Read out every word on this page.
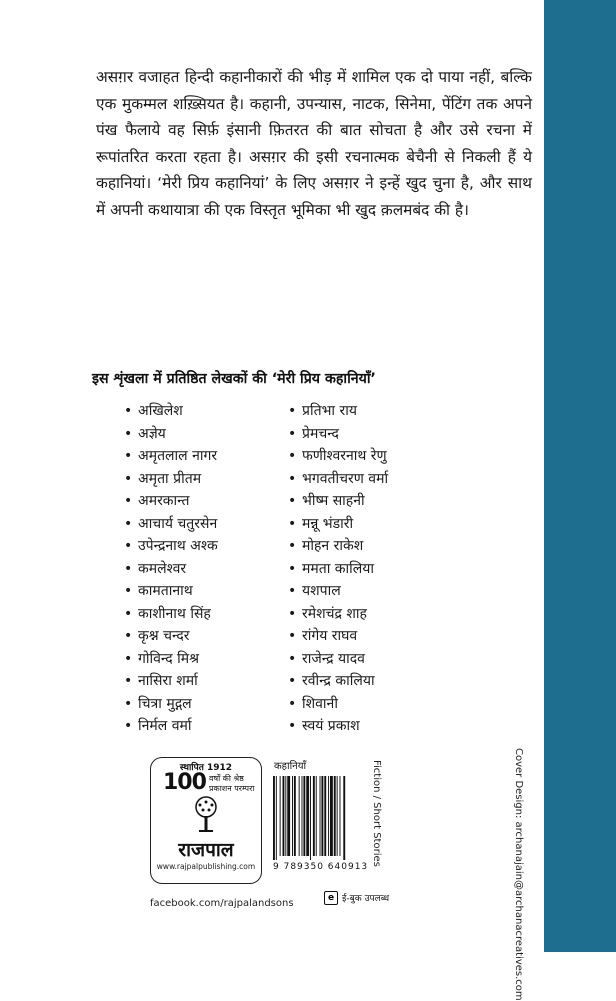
असग़र वजाहत हिन्दी कहानीकारों की भीड़ में शामिल एक दो पाया नहीं, बल्कि एक मुकम्मल शख़्सियत है। कहानी, उपन्यास, नाटक, सिनेमा, पेंटिंग तक अपने पंख फैलाये वह सिर्फ़ इंसानी फ़ितरत की बात सोचता है और उसे रचना में रूपांतरित करता रहता है। असग़र की इसी रचनात्मक बेचैनी से निकली हैं ये कहानियां। ‘मेरी प्रिय कहानियां’ के लिए असग़र ने इन्हें खुद चुना है, और साथ में अपनी कथायात्रा की एक विस्तृत भूमिका भी खुद क़लमबंद की है।

इस शृंखला में प्रतिष्ठित लेखकों की ‘मेरी प्रिय कहानियाँ’

• अखिलेश
• अज्ञेय
• अमृतलाल नागर
• अमृता प्रीतम
• अमरकान्त
• आचार्य चतुरसेन
• उपेन्द्रनाथ अश्क
• कमलेश्वर
• कामतानाथ
• काशीनाथ सिंह
• कृश्न चन्दर
• गोविन्द मिश्र
• नासिरा शर्मा
• चित्रा मुद्गल
• निर्मल वर्मा
• प्रतिभा राय
• प्रेमचन्द
• फणीश्वरनाथ रेणु
• भगवतीचरण वर्मा
• भीष्म साहनी
• मन्नू भंडारी
• मोहन राकेश
• ममता कालिया
• यशपाल
• रमेशचंद्र शाह
• रांगेय राघव
• राजेन्द्र यादव
• रवीन्द्र कालिया
• शिवानी
• स्वयं प्रकाश
Cover Design: archanajain@archanacreatives.com
स्थापित 1912
100 वर्षों की श्रेष्ठ प्रकाशन परम्परा
राजपाल
www.rajpalpublishing.com
facebook.com/rajpalandsons
कहानियाँ
9 789350 640913
Fiction / Short Stories
e ई-बुक उपलब्ध
